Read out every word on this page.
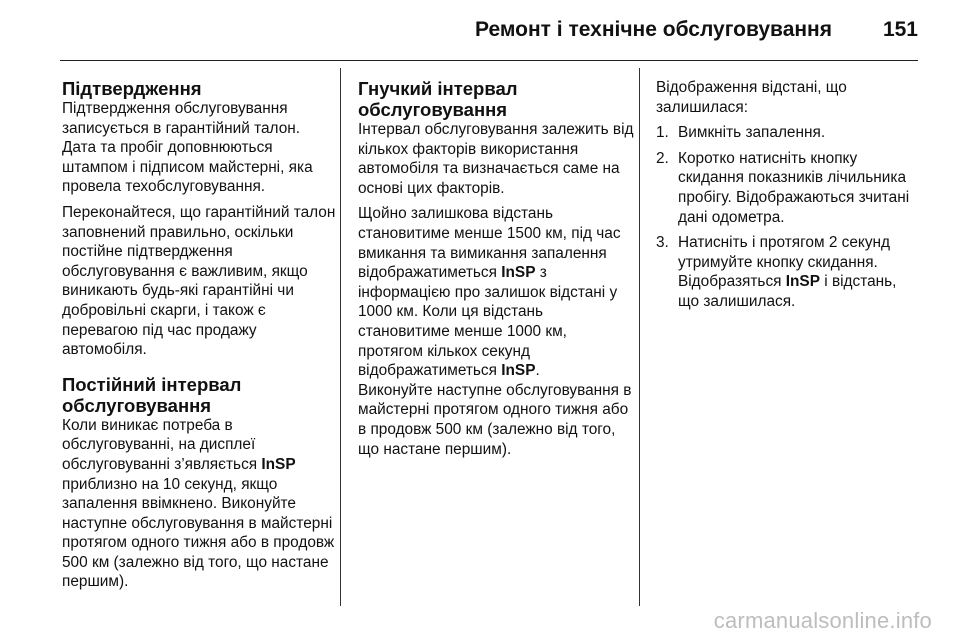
Ремонт і технічне обслуговування 151
Підтвердження

Підтвердження обслуговування записується в гарантійний талон. Дата та пробіг доповнюються штампом і підписом майстерні, яка провела техобслуговування.

Переконайтеся, що гарантійний талон заповнений правильно, оскільки постійне підтвердження обслуговування є важливим, якщо виникають будь-які гарантійні чи добровільні скарги, і також є перевагою під час продажу автомобіля.

Постійний інтервал обслуговування

Коли виникає потреба в обслуговуванні, на дисплеї обслуговуванні з’являється InSP приблизно на 10 секунд, якщо запалення ввімкнено. Виконуйте наступне обслуговування в майстерні протягом одного тижня або в продовж 500 км (залежно від того, що настане першим).

Гнучкий інтервал обслуговування

Інтервал обслуговування залежить від кількох факторів використання автомобіля та визначається саме на основі цих факторів.

Щойно залишкова відстань становитиме менше 1500 км, під час вмикання та вимикання запалення відображатиметься InSP з інформацією про залишок відстані у 1000 км. Коли ця відстань становитиме менше 1000 км, протягом кількох секунд відображатиметься InSP.

Виконуйте наступне обслуговування в майстерні протягом одного тижня або в продовж 500 км (залежно від того, що настане першим).

Відображення відстані, що залишилася:

1. Вимкніть запалення.
2. Коротко натисніть кнопку скидання показників лічильника пробігу. Відображаються зчитані дані одометра.
3. Натисніть і протягом 2 секунд утримуйте кнопку скидання. Відобразяться InSP і відстань, що залишилася.
carmanualsonline.info
